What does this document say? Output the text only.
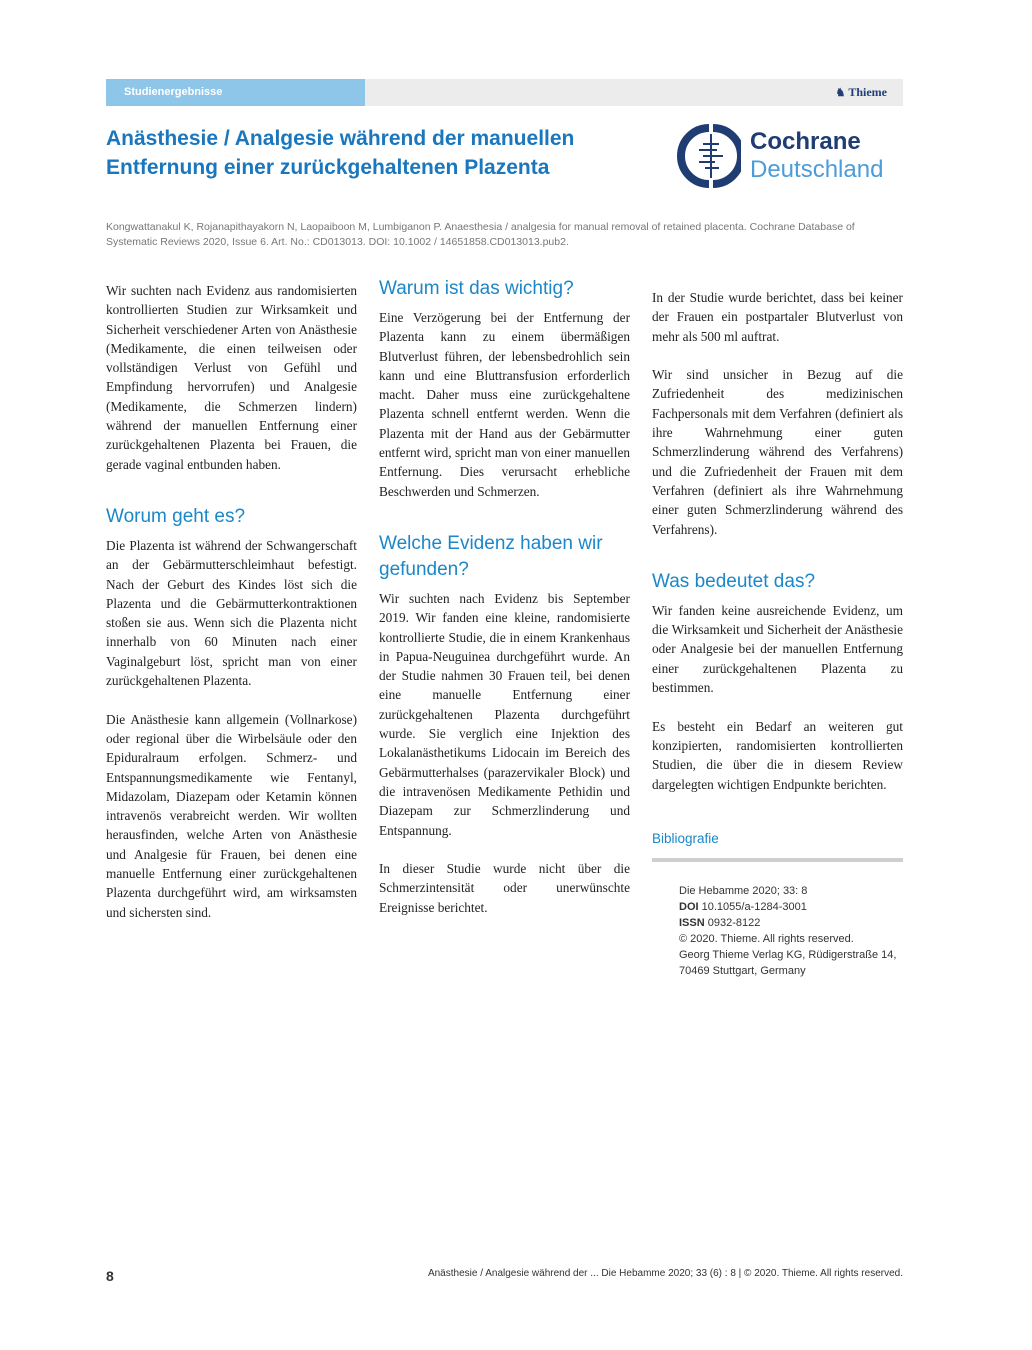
Studienergebnisse	♞ Thieme
Anästhesie / Analgesie während der manuellen Entfernung einer zurückgehaltenen Plazenta
Cochrane
Deutschland
Kongwattanakul K, Rojanapithayakorn N, Laopaiboon M, Lumbiganon P. Anaesthesia / analgesia for manual removal of retained placenta. Cochrane Database of Systematic Reviews 2020, Issue 6. Art. No.: CD013013. DOI: 10.1002 / 14651858.CD013013.pub2.

Wir suchten nach Evidenz aus randomisierten kontrollierten Studien zur Wirksamkeit und Sicherheit verschiedener Arten von Anästhesie (Medikamente, die einen teilweisen oder vollständigen Verlust von Gefühl und Empfindung hervorrufen) und Analgesie (Medikamente, die Schmerzen lindern) während der manuellen Entfernung einer zurückgehaltenen Plazenta bei Frauen, die gerade vaginal entbunden haben.

Worum geht es?

Die Plazenta ist während der Schwangerschaft an der Gebärmutterschleimhaut befestigt. Nach der Geburt des Kindes löst sich die Plazenta und die Gebärmutterkontraktionen stoßen sie aus. Wenn sich die Plazenta nicht innerhalb von 60 Minuten nach einer Vaginalgeburt löst, spricht man von einer zurückgehaltenen Plazenta.

Die Anästhesie kann allgemein (Vollnarkose) oder regional über die Wirbelsäule oder den Epiduralraum erfolgen. Schmerz- und Entspannungsmedikamente wie Fentanyl, Midazolam, Diazepam oder Ketamin können intravenös verabreicht werden. Wir wollten herausfinden, welche Arten von Anästhesie und Analgesie für Frauen, bei denen eine manuelle Entfernung einer zurückgehaltenen Plazenta durchgeführt wird, am wirksamsten und sichersten sind.

Warum ist das wichtig?

Eine Verzögerung bei der Entfernung der Plazenta kann zu einem übermäßigen Blutverlust führen, der lebensbedrohlich sein kann und eine Bluttransfusion erforderlich macht. Daher muss eine zurückgehaltene Plazenta schnell entfernt werden. Wenn die Plazenta mit der Hand aus der Gebärmutter entfernt wird, spricht man von einer manuellen Entfernung. Dies verursacht erhebliche Beschwerden und Schmerzen.

Welche Evidenz haben wir gefunden?

Wir suchten nach Evidenz bis September 2019. Wir fanden eine kleine, randomisierte kontrollierte Studie, die in einem Krankenhaus in Papua-Neuguinea durchgeführt wurde. An der Studie nahmen 30 Frauen teil, bei denen eine manuelle Entfernung einer zurückgehaltenen Plazenta durchgeführt wurde. Sie verglich eine Injektion des Lokalanästhetikums Lidocain im Bereich des Gebärmutterhalses (parazervikaler Block) und die intravenösen Medikamente Pethidin und Diazepam zur Schmerzlinderung und Entspannung.

In dieser Studie wurde nicht über die Schmerzintensität oder unerwünschte Ereignisse berichtet.

In der Studie wurde berichtet, dass bei keiner der Frauen ein postpartaler Blutverlust von mehr als 500 ml auftrat.

Wir sind unsicher in Bezug auf die Zufriedenheit des medizinischen Fachpersonals mit dem Verfahren (definiert als ihre Wahrnehmung einer guten Schmerzlinderung während des Verfahrens) und die Zufriedenheit der Frauen mit dem Verfahren (definiert als ihre Wahrnehmung einer guten Schmerzlinderung während des Verfahrens).

Was bedeutet das?

Wir fanden keine ausreichende Evidenz, um die Wirksamkeit und Sicherheit der Anästhesie oder Analgesie bei der manuellen Entfernung einer zurückgehaltenen Plazenta zu bestimmen.

Es besteht ein Bedarf an weiteren gut konzipierten, randomisierten kontrollierten Studien, die über die in diesem Review dargelegten wichtigen Endpunkte berichten.

Bibliografie
Die Hebamme 2020; 33: 8
DOI 10.1055/a-1284-3001
ISSN 0932-8122
© 2020. Thieme. All rights reserved.
Georg Thieme Verlag KG, Rüdigerstraße 14,
70469 Stuttgart, Germany
8	Anästhesie / Analgesie während der ... Die Hebamme 2020; 33 (6) : 8 | © 2020. Thieme. All rights reserved.
